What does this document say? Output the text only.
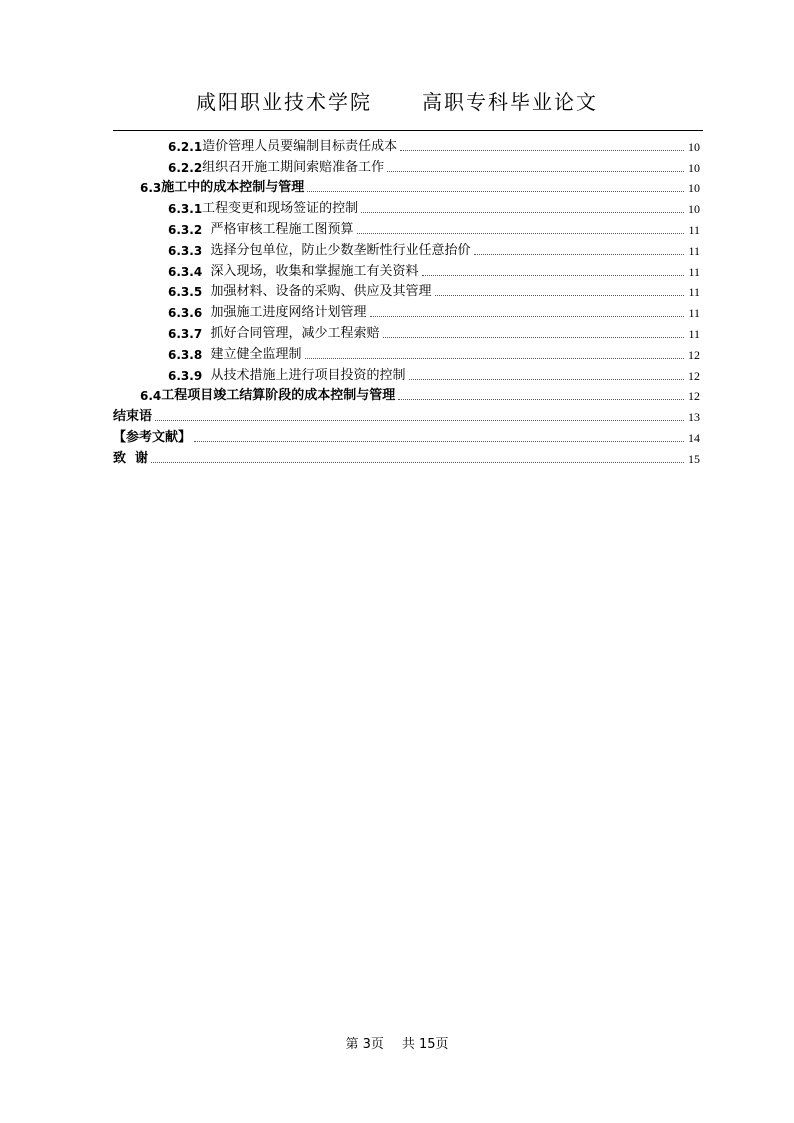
咸阳职业技术学院	高职专科毕业论文
6.2.1 造价管理人员要编制目标责任成本	10
6.2.2 组织召开施工期间索赔准备工作	10
6.3 施工中的成本控制与管理	10
6.3.1 工程变更和现场签证的控制	10
6.3.2 严格审核工程施工图预算	11
6.3.3 选择分包单位，防止少数垄断性行业任意抬价	11
6.3.4 深入现场，收集和掌握施工有关资料	11
6.3.5 加强材料、设备的采购、供应及其管理	11
6.3.6 加强施工进度网络计划管理	11
6.3.7 抓好合同管理，减少工程索赔	11
6.3.8 建立健全监理制	12
6.3.9 从技术措施上进行项目投资的控制	12
6.4 工程项目竣工结算阶段的成本控制与管理	12
结束语	13
【参考文献】	14
致  谢	15
第 3页 共 15页
